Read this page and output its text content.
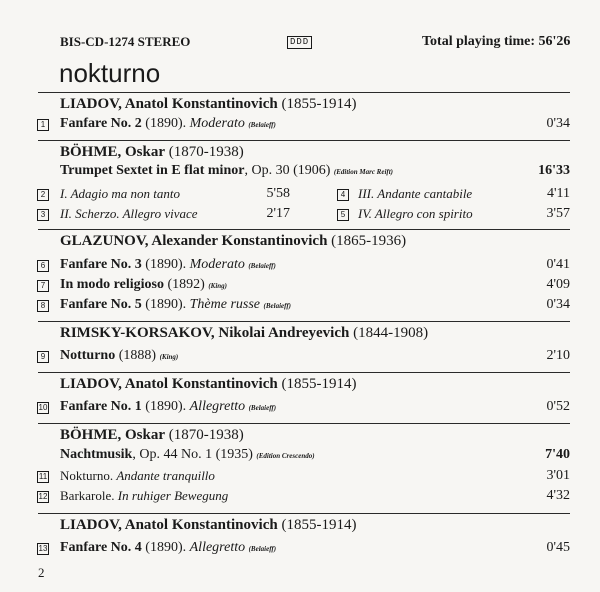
BIS-CD-1274 STEREO	DDD	Total playing time: 56'26
nokturno
LIADOV, Anatol Konstantinovich (1855-1914)
1 Fanfare No. 2 (1890). Moderato (Belaieff)	0'34
BÖHME, Oskar (1870-1938)
Trumpet Sextet in E flat minor, Op. 30 (1906) (Edition Marc Reift)	16'33
2 I. Adagio ma non tanto	5'58	4 III. Andante cantabile	4'11
3 II. Scherzo. Allegro vivace	2'17	5 IV. Allegro con spirito	3'57
GLAZUNOV, Alexander Konstantinovich (1865-1936)
6 Fanfare No. 3 (1890). Moderato (Belaieff)	0'41
7 In modo religioso (1892) (King)	4'09
8 Fanfare No. 5 (1890). Thème russe (Belaieff)	0'34
RIMSKY-KORSAKOV, Nikolai Andreyevich (1844-1908)
9 Notturno (1888) (King)	2'10
LIADOV, Anatol Konstantinovich (1855-1914)
10 Fanfare No. 1 (1890). Allegretto (Belaieff)	0'52
BÖHME, Oskar (1870-1938)
Nachtmusik, Op. 44 No. 1 (1935) (Edition Crescendo)	7'40
11 Nokturno. Andante tranquillo	3'01
12 Barkarole. In ruhiger Bewegung	4'32
LIADOV, Anatol Konstantinovich (1855-1914)
13 Fanfare No. 4 (1890). Allegretto (Belaieff)	0'45
2
